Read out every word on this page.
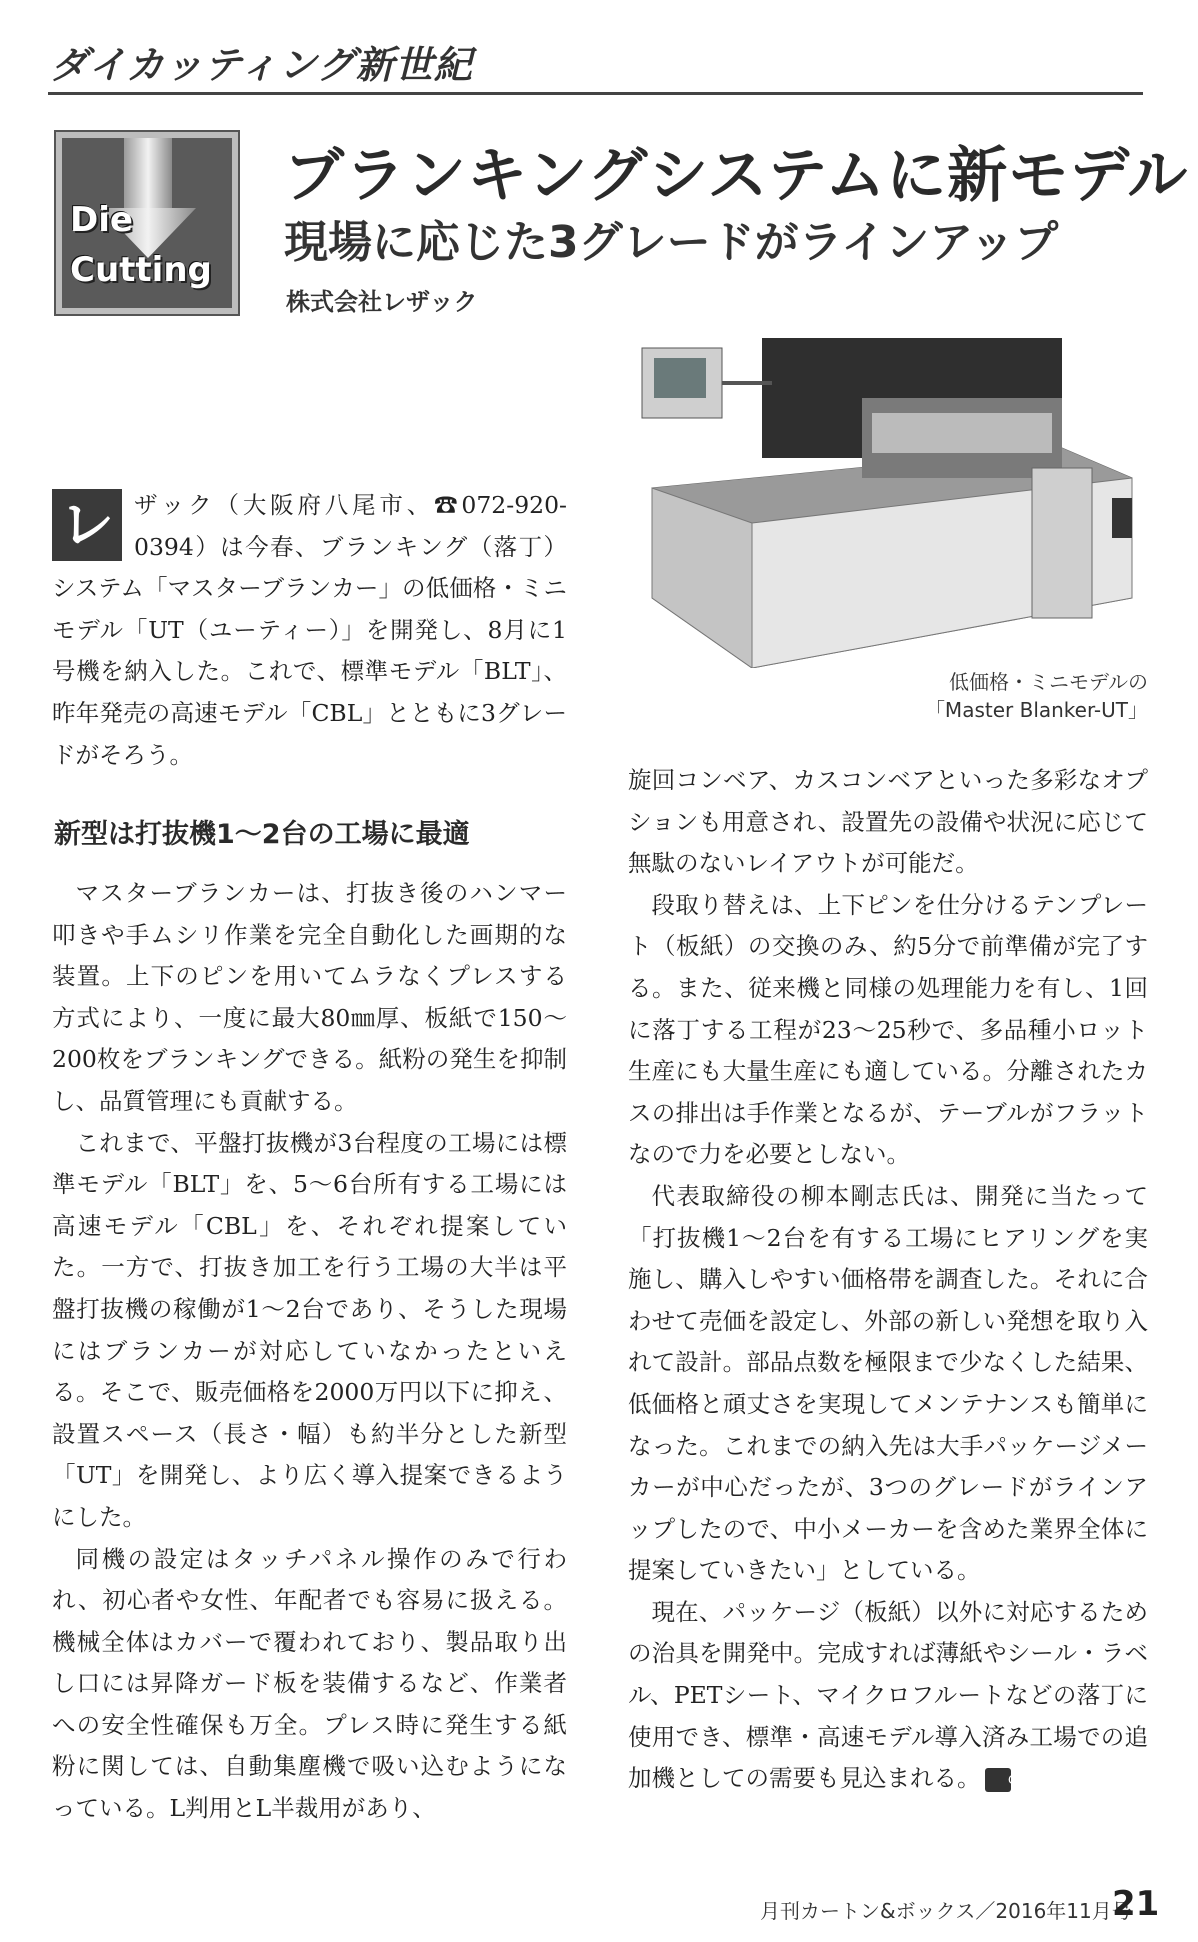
ダイカッティング新世紀
Die
Cutting
ブランキングシステムに新モデル
現場に応じた3グレードがラインアップ
株式会社レザック
低価格・ミニモデルの
「Master Blanker-UT」
レ ザック（大阪府八尾市、☎072-920-0394）は今春、ブランキング（落丁）システム「マスターブランカー」の低価格・ミニモデル「UT（ユーティー）」を開発し、8月に1号機を納入した。これで、標準モデル「BLT」、昨年発売の高速モデル「CBL」とともに3グレードがそろう。

新型は打抜機1～2台の工場に最適

マスターブランカーは、打抜き後のハンマー叩きや手ムシリ作業を完全自動化した画期的な装置。上下のピンを用いてムラなくプレスする方式により、一度に最大80㎜厚、板紙で150～200枚をブランキングできる。紙粉の発生を抑制し、品質管理にも貢献する。

これまで、平盤打抜機が3台程度の工場には標準モデル「BLT」を、5～6台所有する工場には高速モデル「CBL」を、それぞれ提案していた。一方で、打抜き加工を行う工場の大半は平盤打抜機の稼働が1～2台であり、そうした現場にはブランカーが対応していなかったといえる。そこで、販売価格を2000万円以下に抑え、設置スペース（長さ・幅）も約半分とした新型「UT」を開発し、より広く導入提案できるようにした。

同機の設定はタッチパネル操作のみで行われ、初心者や女性、年配者でも容易に扱える。機械全体はカバーで覆われており、製品取り出し口には昇降ガード板を装備するなど、作業者への安全性確保も万全。プレス時に発生する紙粉に関しては、自動集塵機で吸い込むようになっている。L判用とL半裁用があり、

旋回コンベア、カスコンベアといった多彩なオプションも用意され、設置先の設備や状況に応じて無駄のないレイアウトが可能だ。

段取り替えは、上下ピンを仕分けるテンプレート（板紙）の交換のみ、約5分で前準備が完了する。また、従来機と同様の処理能力を有し、1回に落丁する工程が23～25秒で、多品種小ロット生産にも大量生産にも適している。分離されたカスの排出は手作業となるが、テーブルがフラットなので力を必要としない。

代表取締役の柳本剛志氏は、開発に当たって「打抜機1～2台を有する工場にヒアリングを実施し、購入しやすい価格帯を調査した。それに合わせて売価を設定し、外部の新しい発想を取り入れて設計。部品点数を極限まで少なくした結果、低価格と頑丈さを実現してメンテナンスも簡単になった。これまでの納入先は大手パッケージメーカーが中心だったが、3つのグレードがラインアップしたので、中小メーカーを含めた業界全体に提案していきたい」としている。

現在、パッケージ（板紙）以外に対応するための治具を開発中。完成すれば薄紙やシール・ラベル、PETシート、マイクロフルートなどの落丁に使用でき、標準・高速モデル導入済み工場での追加機としての需要も見込まれる。 C&B

月刊カートン&ボックス／2016年11月号
21
